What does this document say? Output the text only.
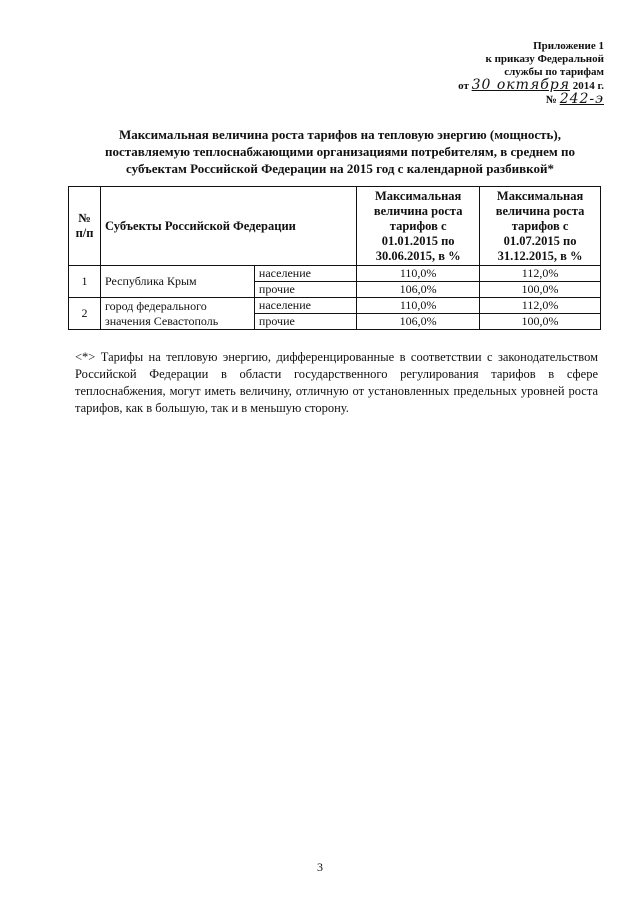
Приложение 1
к приказу Федеральной
службы по тарифам
от 30 октября 2014 г.
№ 242-э
Максимальная величина роста тарифов на тепловую энергию (мощность), поставляемую теплоснабжающими организациями потребителям, в среднем по субъектам Российской Федерации на 2015 год с календарной разбивкой*
№ п/п	Субъекты Российской Федерации		Максимальная величина роста тарифов с 01.01.2015 по 30.06.2015, в %	Максимальная величина роста тарифов с 01.07.2015 по 31.12.2015, в %
1	Республика Крым	население	110,0%	112,0%
		прочие	106,0%	100,0%
2	город федерального значения Севастополь	население	110,0%	112,0%
		прочие	106,0%	100,0%
<*> Тарифы на тепловую энергию, дифференцированные в соответствии с законодательством Российской Федерации в области государственного регулирования тарифов в сфере теплоснабжения, могут иметь величину, отличную от установленных предельных уровней роста тарифов, как в большую, так и в меньшую сторону.
3
